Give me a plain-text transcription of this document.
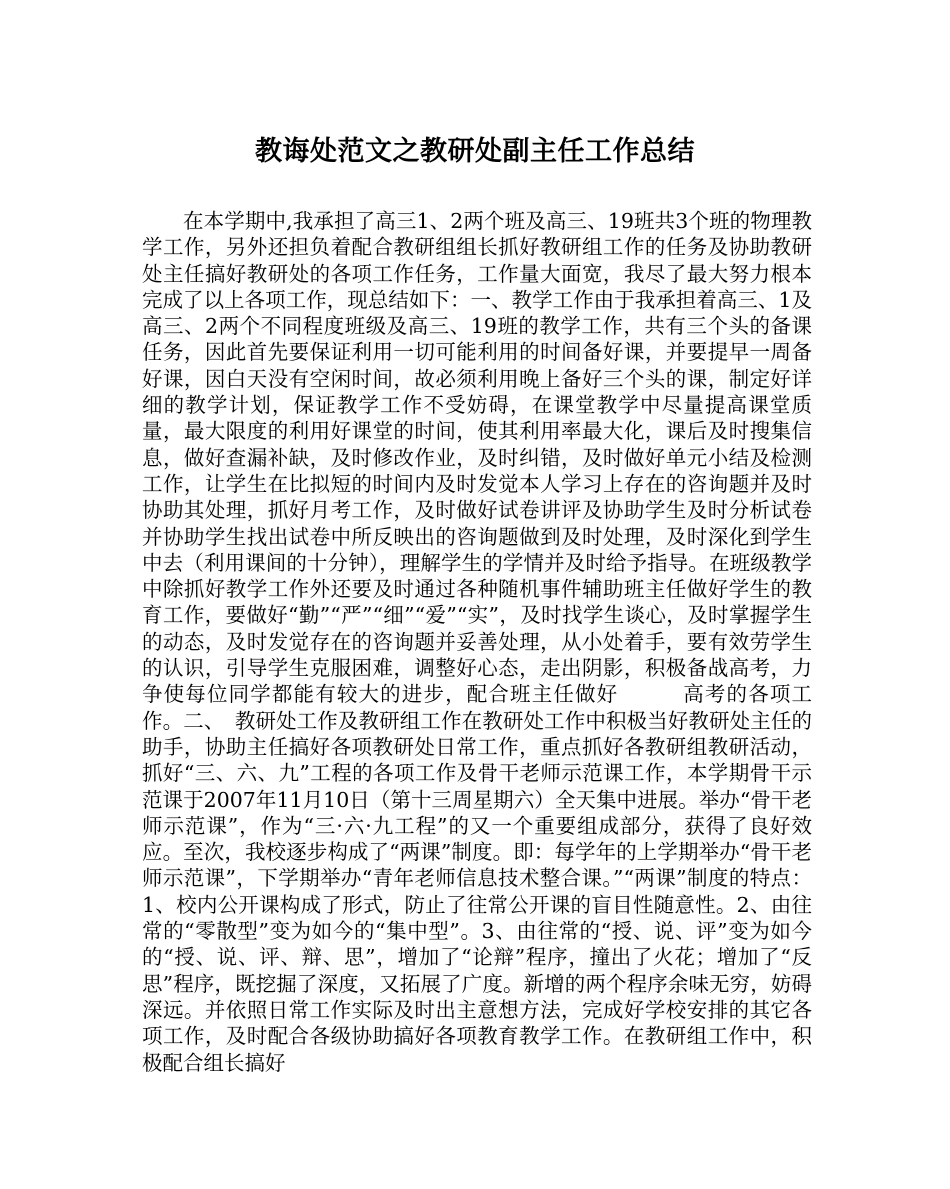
教诲处范文之教研处副主任工作总结

在本学期中,我承担了高三1、2两个班及高三、19班共3个班的物理教学工作，另外还担负着配合教研组组长抓好教研组工作的任务及协助教研处主任搞好教研处的各项工作任务，工作量大面宽，我尽了最大努力根本完成了以上各项工作，现总结如下：一、教学工作由于我承担着高三、1及高三、2两个不同程度班级及高三、19班的教学工作，共有三个头的备课任务，因此首先要保证利用一切可能利用的时间备好课，并要提早一周备好课，因白天没有空闲时间，故必须利用晚上备好三个头的课，制定好详细的教学计划，保证教学工作不受妨碍，在课堂教学中尽量提高课堂质量，最大限度的利用好课堂的时间，使其利用率最大化，课后及时搜集信息，做好查漏补缺，及时修改作业，及时纠错，及时做好单元小结及检测工作，让学生在比拟短的时间内及时发觉本人学习上存在的咨询题并及时协助其处理，抓好月考工作，及时做好试卷讲评及协助学生及时分析试卷并协助学生找出试卷中所反映出的咨询题做到及时处理，及时深化到学生中去（利用课间的十分钟），理解学生的学情并及时给予指导。在班级教学中除抓好教学工作外还要及时通过各种随机事件辅助班主任做好学生的教育工作，要做好“勤”“严”“细”“爱”“实”，及时找学生谈心，及时掌握学生的动态，及时发觉存在的咨询题并妥善处理，从小处着手，要有效劳学生的认识，引导学生克服困难，调整好心态，走出阴影，积极备战高考，力争使每位同学都能有较大的进步，配合班主任做好　　　高考的各项工作。二、　教研处工作及教研组工作在教研处工作中积极当好教研处主任的助手，协助主任搞好各项教研处日常工作，重点抓好各教研组教研活动，抓好“三、六、九”工程的各项工作及骨干老师示范课工作，本学期骨干示范课于2007年11月10日（第十三周星期六）全天集中进展。举办“骨干老师示范课”，作为“三·六·九工程”的又一个重要组成部分，获得了良好效应。至次，我校逐步构成了“两课”制度。即：每学年的上学期举办“骨干老师示范课”，下学期举办“青年老师信息技术整合课。”“两课”制度的特点：1、校内公开课构成了形式，防止了往常公开课的盲目性随意性。2、由往常的“零散型”变为如今的“集中型”。3、由往常的“授、说、评”变为如今的“授、说、评、辩、思”，增加了“论辩”程序，撞出了火花；增加了“反思”程序，既挖掘了深度，又拓展了广度。新增的两个程序余味无穷，妨碍深远。并依照日常工作实际及时出主意想方法，完成好学校安排的其它各项工作，及时配合各级协助搞好各项教育教学工作。在教研组工作中，积极配合组长搞好
